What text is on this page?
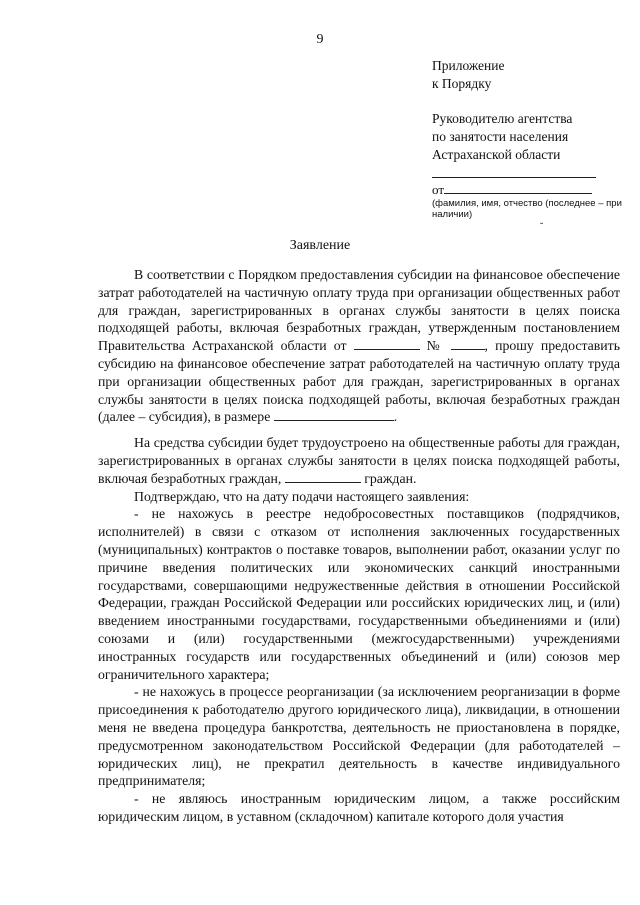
9
Приложение
к Порядку
Руководителю агентства
по занятости населения
Астраханской области
от
(фамилия, имя, отчество (последнее – при наличии)
˘
Заявление

В соответствии с Порядком предоставления субсидии на финансовое обеспечение затрат работодателей на частичную оплату труда при организации общественных работ для граждан, зарегистрированных в органах службы занятости в целях поиска подходящей работы, включая безработных граждан, утвержденным постановлением Правительства Астраханской области от	№	, прошу предоставить субсидию на финансовое обеспечение затрат работодателей на частичную оплату труда при организации общественных работ для граждан, зарегистрированных в органах службы занятости в целях поиска подходящей работы, включая безработных граждан (далее – субсидия), в размере	.

На средства субсидии будет трудоустроено на общественные работы для граждан, зарегистрированных в органах службы занятости в целях поиска подходящей работы, включая безработных граждан,	граждан.

Подтверждаю, что на дату подачи настоящего заявления:

- не нахожусь в реестре недобросовестных поставщиков (подрядчиков, исполнителей) в связи с отказом от исполнения заключенных государственных (муниципальных) контрактов о поставке товаров, выполнении работ, оказании услуг по причине введения политических или экономических санкций иностранными государствами, совершающими недружественные действия в отношении Российской Федерации, граждан Российской Федерации или российских юридических лиц, и (или) введением иностранными государствами, государственными объединениями и (или) союзами и (или) государственными (межгосударственными) учреждениями иностранных государств или государственных объединений и (или) союзов мер ограничительного характера;

- не нахожусь в процессе реорганизации (за исключением реорганизации в форме присоединения к работодателю другого юридического лица), ликвидации, в отношении меня не введена процедура банкротства, деятельность не приостановлена в порядке, предусмотренном законодательством Российской Федерации (для работодателей – юридических лиц), не прекратил деятельность в качестве индивидуального предпринимателя;

- не являюсь иностранным юридическим лицом, а также российским юридическим лицом, в уставном (складочном) капитале которого доля участия
